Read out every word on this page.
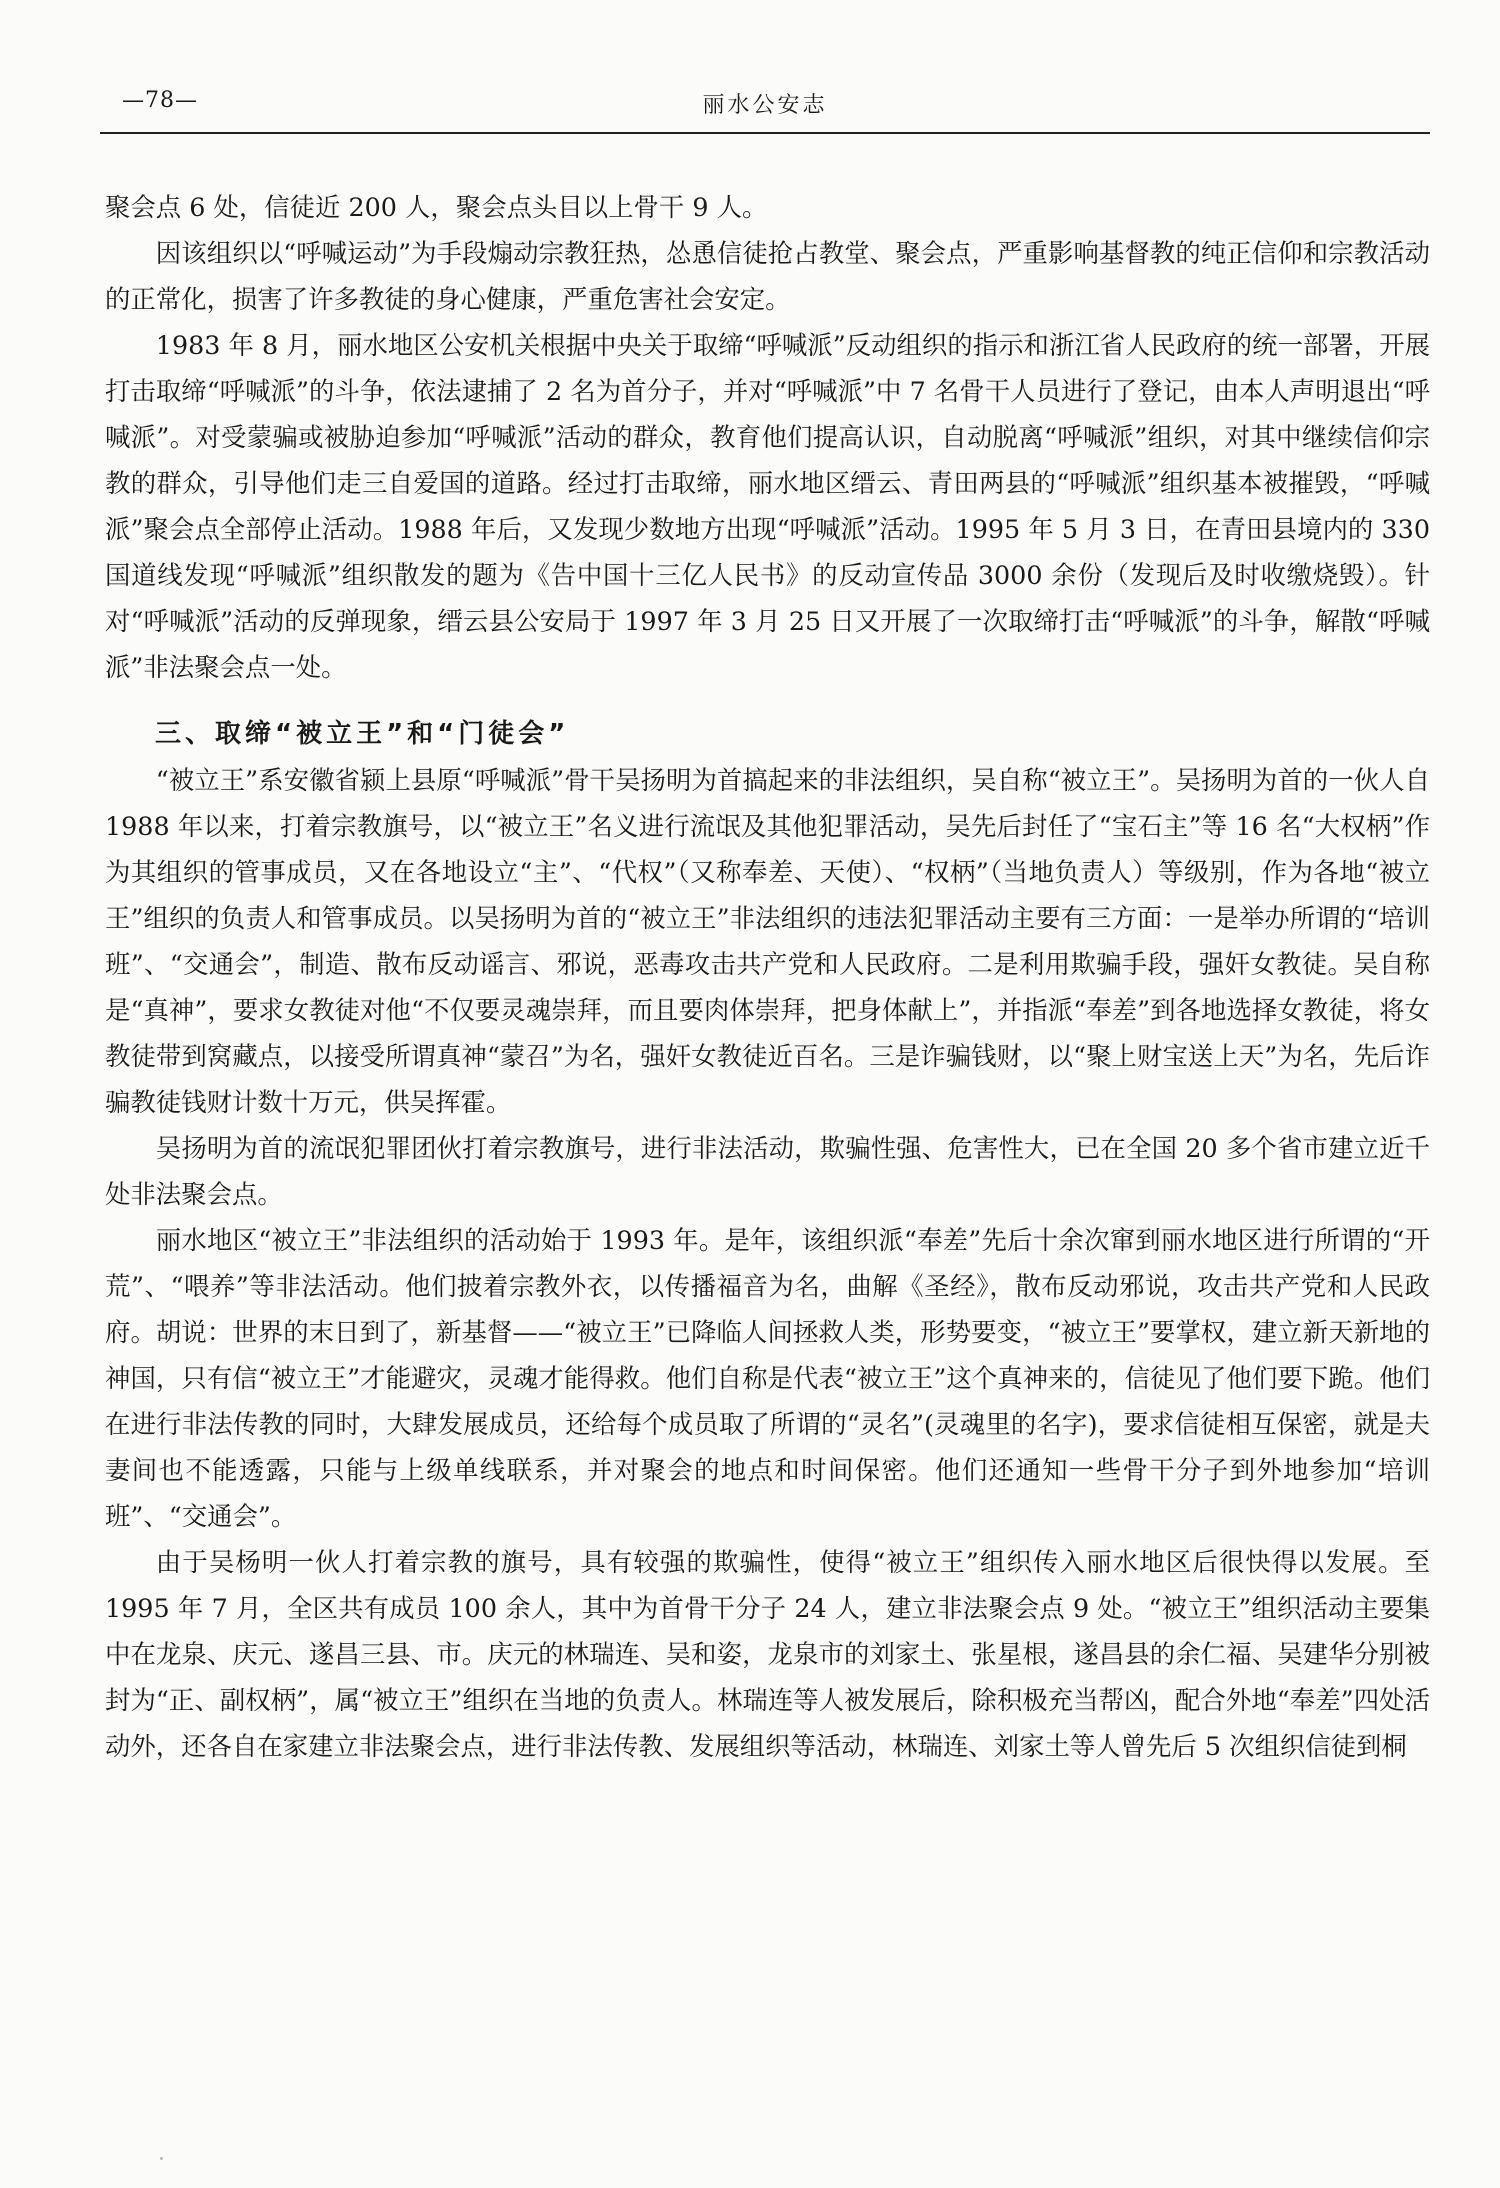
—78—	丽水公安志

聚会点 6 处，信徒近 200 人，聚会点头目以上骨干 9 人。

因该组织以“呼喊运动”为手段煽动宗教狂热，怂恿信徒抢占教堂、聚会点，严重影响基督教的纯正信仰和宗教活动的正常化，损害了许多教徒的身心健康，严重危害社会安定。

1983 年 8 月，丽水地区公安机关根据中央关于取缔“呼喊派”反动组织的指示和浙江省人民政府的统一部署，开展打击取缔“呼喊派”的斗争，依法逮捕了 2 名为首分子，并对“呼喊派”中 7 名骨干人员进行了登记，由本人声明退出“呼喊派”。对受蒙骗或被胁迫参加“呼喊派”活动的群众，教育他们提高认识，自动脱离“呼喊派”组织，对其中继续信仰宗教的群众，引导他们走三自爱国的道路。经过打击取缔，丽水地区缙云、青田两县的“呼喊派”组织基本被摧毁，“呼喊派”聚会点全部停止活动。1988 年后，又发现少数地方出现“呼喊派”活动。1995 年 5 月 3 日，在青田县境内的 330 国道线发现“呼喊派”组织散发的题为《告中国十三亿人民书》的反动宣传品 3000 余份（发现后及时收缴烧毁）。针对“呼喊派”活动的反弹现象，缙云县公安局于 1997 年 3 月 25 日又开展了一次取缔打击“呼喊派”的斗争，解散“呼喊派”非法聚会点一处。

三、取缔“被立王”和“门徒会”

“被立王”系安徽省颍上县原“呼喊派”骨干吴扬明为首搞起来的非法组织，吴自称“被立王”。吴扬明为首的一伙人自 1988 年以来，打着宗教旗号，以“被立王”名义进行流氓及其他犯罪活动，吴先后封任了“宝石主”等 16 名“大权柄”作为其组织的管事成员，又在各地设立“主”、“代权”（又称奉差、天使）、“权柄”（当地负责人）等级别，作为各地“被立王”组织的负责人和管事成员。以吴扬明为首的“被立王”非法组织的违法犯罪活动主要有三方面：一是举办所谓的“培训班”、“交通会”，制造、散布反动谣言、邪说，恶毒攻击共产党和人民政府。二是利用欺骗手段，强奸女教徒。吴自称是“真神”，要求女教徒对他“不仅要灵魂崇拜，而且要肉体崇拜，把身体献上”，并指派“奉差”到各地选择女教徒，将女教徒带到窝藏点，以接受所谓真神“蒙召”为名，强奸女教徒近百名。三是诈骗钱财，以“聚上财宝送上天”为名，先后诈骗教徒钱财计数十万元，供吴挥霍。

吴扬明为首的流氓犯罪团伙打着宗教旗号，进行非法活动，欺骗性强、危害性大，已在全国 20 多个省市建立近千处非法聚会点。

丽水地区“被立王”非法组织的活动始于 1993 年。是年，该组织派“奉差”先后十余次窜到丽水地区进行所谓的“开荒”、“喂养”等非法活动。他们披着宗教外衣，以传播福音为名，曲解《圣经》，散布反动邪说，攻击共产党和人民政府。胡说：世界的末日到了，新基督——“被立王”已降临人间拯救人类，形势要变，“被立王”要掌权，建立新天新地的神国，只有信“被立王”才能避灾，灵魂才能得救。他们自称是代表“被立王”这个真神来的，信徒见了他们要下跪。他们在进行非法传教的同时，大肆发展成员，还给每个成员取了所谓的“灵名”(灵魂里的名字)，要求信徒相互保密，就是夫妻间也不能透露，只能与上级单线联系，并对聚会的地点和时间保密。他们还通知一些骨干分子到外地参加“培训班”、“交通会”。

由于吴杨明一伙人打着宗教的旗号，具有较强的欺骗性，使得“被立王”组织传入丽水地区后很快得以发展。至 1995 年 7 月，全区共有成员 100 余人，其中为首骨干分子 24 人，建立非法聚会点 9 处。“被立王”组织活动主要集中在龙泉、庆元、遂昌三县、市。庆元的林瑞连、吴和姿，龙泉市的刘家土、张星根，遂昌县的余仁福、吴建华分别被封为“正、副权柄”，属“被立王”组织在当地的负责人。林瑞连等人被发展后，除积极充当帮凶，配合外地“奉差”四处活动外，还各自在家建立非法聚会点，进行非法传教、发展组织等活动，林瑞连、刘家土等人曾先后 5 次组织信徒到桐
